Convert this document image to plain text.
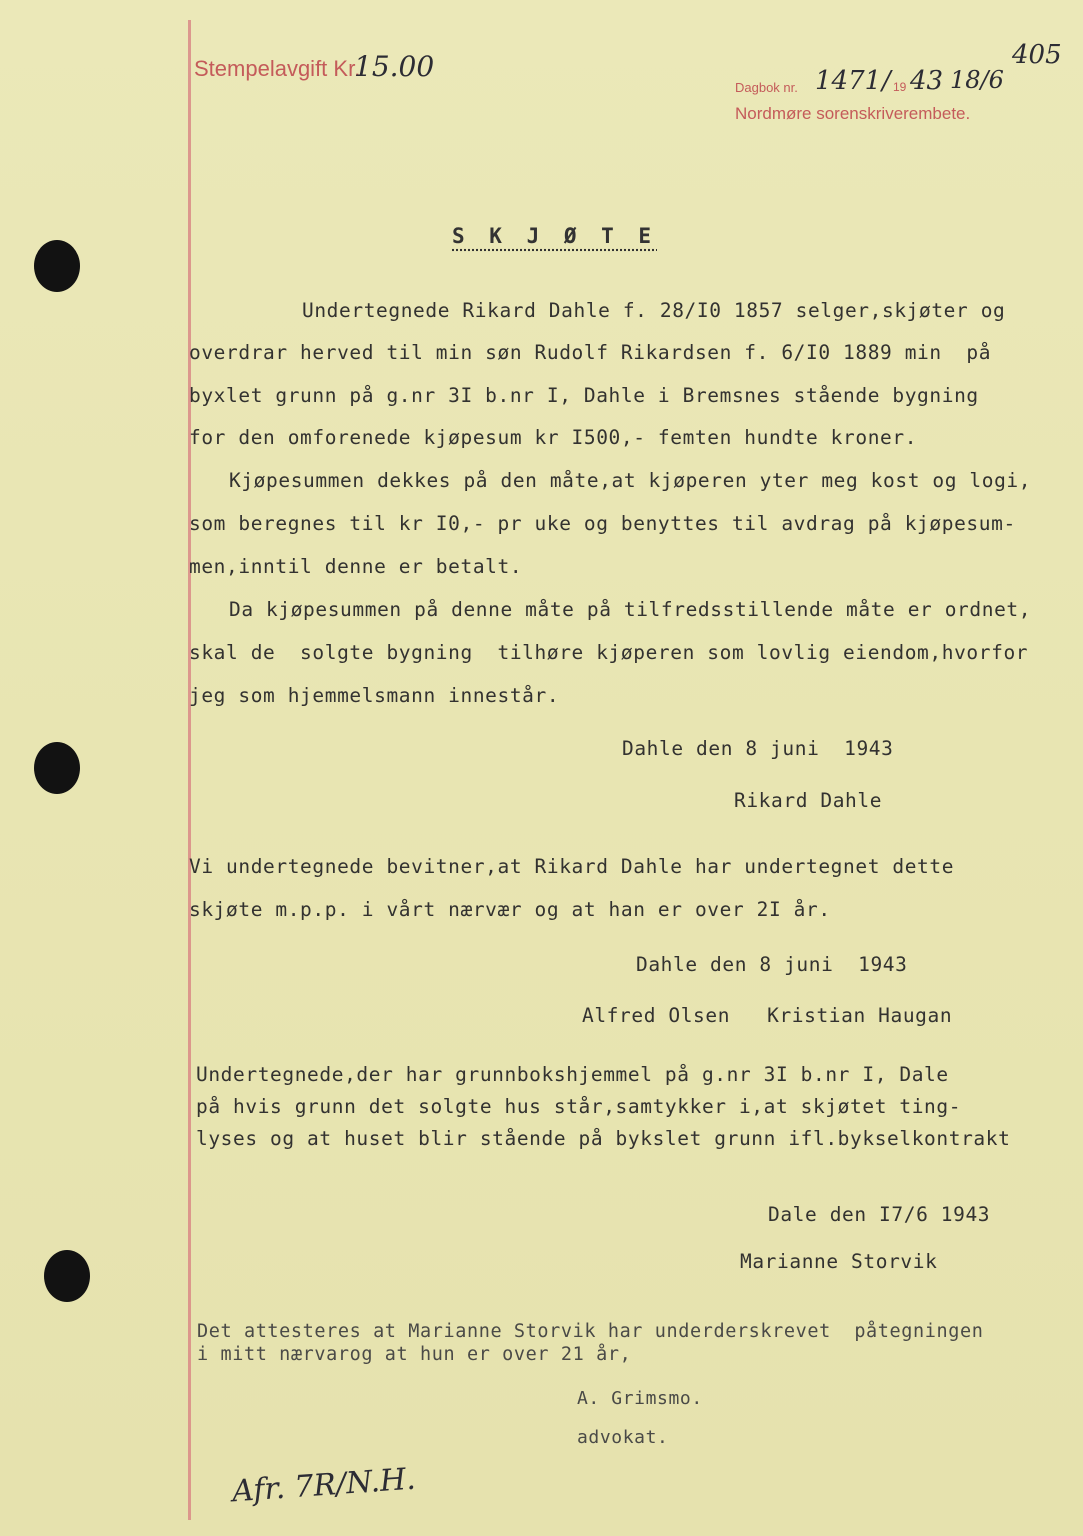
Stempelavgift Kr.
15.00	405
Dagbok nr. 1471 / 19 43 18/6
Nordmøre sorenskriverembete.
S K J Ø T E
Undertegnede Rikard Dahle f. 28/I0 1857 selger,skjøter og
overdrar herved til min søn Rudolf Rikardsen f. 6/I0 1889 min  på
byxlet grunn på g.nr 3I b.nr I, Dahle i Bremsnes stående bygning
for den omforenede kjøpesum kr I500,- femten hundte kroner.
Kjøpesummen dekkes på den måte,at kjøperen yter meg kost og logi,
som beregnes til kr I0,- pr uke og benyttes til avdrag på kjøpesum-
men,inntil denne er betalt.
Da kjøpesummen på denne måte på tilfredsstillende måte er ordnet,
skal de  solgte bygning  tilhøre kjøperen som lovlig eiendom,hvorfor
jeg som hjemmelsmann innestår.
Dahle den 8 juni  1943
Rikard Dahle
Vi undertegnede bevitner,at Rikard Dahle har undertegnet dette
skjøte m.p.p. i vårt nærvær og at han er over 2I år.
Dahle den 8 juni  1943
Alfred Olsen   Kristian Haugan
Undertegnede,der har grunnbokshjemmel på g.nr 3I b.nr I, Dale
på hvis grunn det solgte hus står,samtykker i,at skjøtet ting-
lyses og at huset blir stående på bykslet grunn ifl.bykselkontrakt
Dale den I7/6 1943
Marianne Storvik
Det attesteres at Marianne Storvik har underderskrevet  påtegningen
i mitt nærvarog at hun er over 21 år,
A. Grimsmo.
advokat.
Afr. 7R/N.H.
